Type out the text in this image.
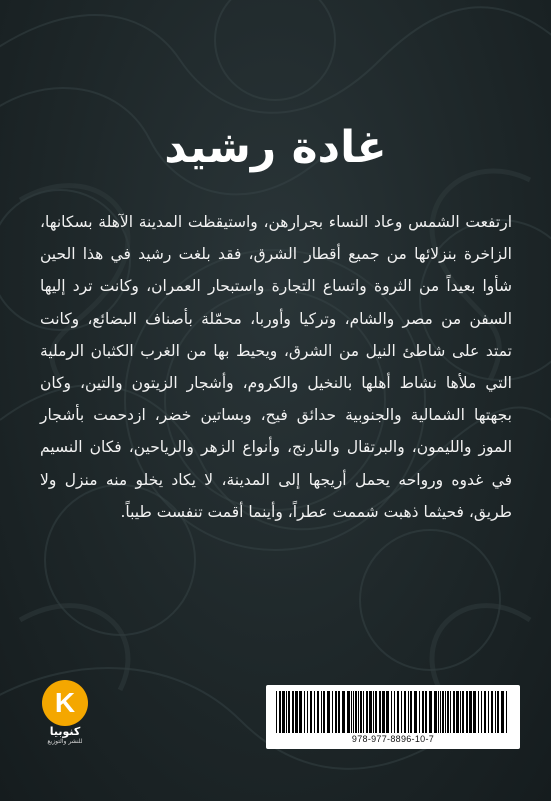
غادة رشيد
ارتفعت الشمس وعاد النساء بجرارهن، واستيقظت المدينة الآهلة بسكانها، الزاخرة بنزلائها من جميع أقطار الشرق، فقد بلغت رشيد في هذا الحين شأوا بعيداً من الثروة واتساع التجارة واستبحار العمران، وكانت ترد إليها السفن من مصر والشام، وتركيا وأوربا، محمّلة بأصناف البضائع، وكانت تمتد على شاطئ النيل من الشرق، ويحيط بها من الغرب الكثبان الرملية التي ملأها نشاط أهلها بالنخيل والكروم، وأشجار الزيتون والتين، وكان بجهتها الشمالية والجنوبية حدائق فيح، وبساتين خضر، ازدحمت بأشجار الموز والليمون، والبرتقال والنارنج، وأنواع الزهر والرياحين، فكان النسيم في غدوه ورواحه يحمل أريجها إلى المدينة، لا يكاد يخلو منه منزل ولا طريق، فحيثما ذهبت شممت عطراً، وأينما أقمت تنفست طيباً.
K
كنوبيا
للنشر والتوزيع	978-977-8896-10-7
